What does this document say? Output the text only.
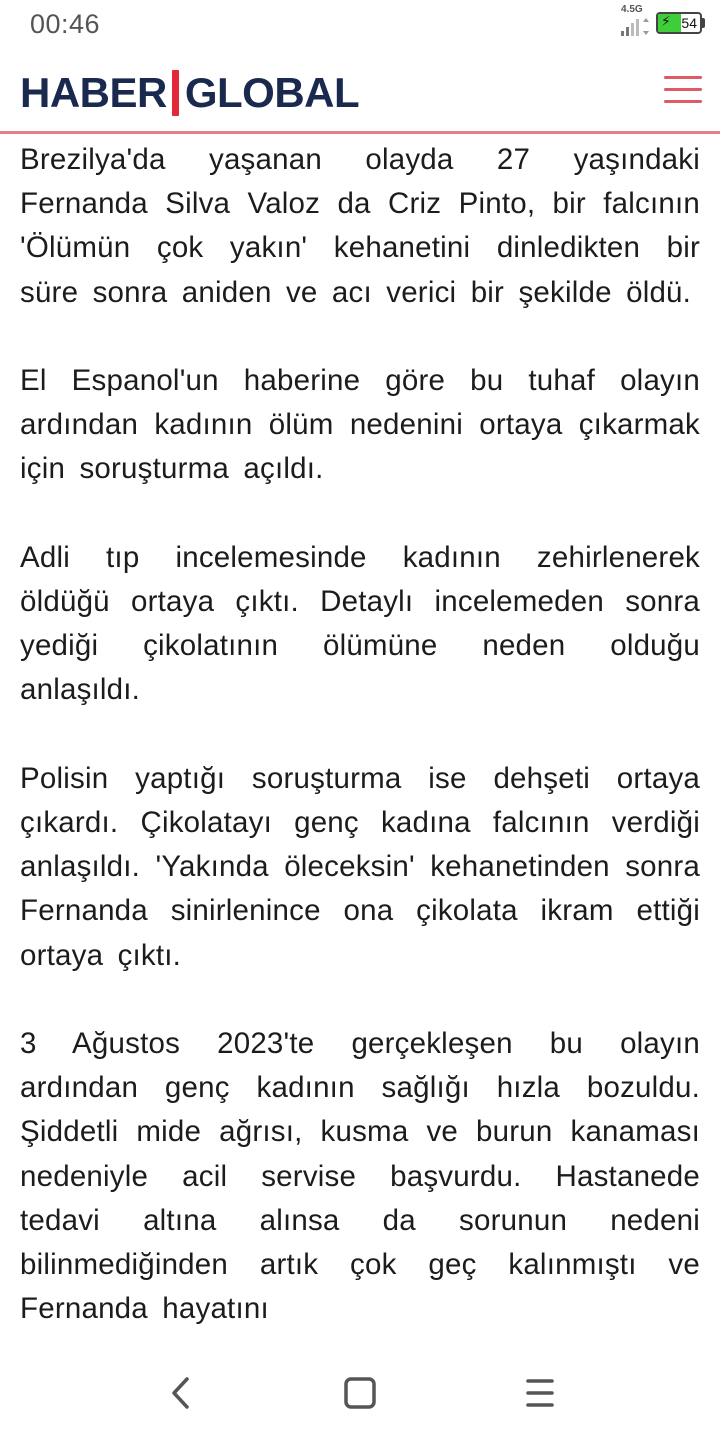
00:46	4.5G
⚡ 54
HABER GLOBAL

Brezilya'da yaşanan olayda 27 yaşındaki Fernanda Silva Valoz da Criz Pinto, bir falcının 'Ölümün çok yakın' kehanetini dinledikten bir süre sonra aniden ve acı verici bir şekilde öldü.

El Espanol'un haberine göre bu tuhaf olayın ardından kadının ölüm nedenini ortaya çıkarmak için soruşturma açıldı.

Adli tıp incelemesinde kadının zehirlenerek öldüğü ortaya çıktı. Detaylı incelemeden sonra yediği çikolatının ölümüne neden olduğu anlaşıldı.

Polisin yaptığı soruşturma ise dehşeti ortaya çıkardı. Çikolatayı genç kadına falcının verdiği anlaşıldı. 'Yakında öleceksin' kehanetinden sonra Fernanda sinirlenince ona çikolata ikram ettiği ortaya çıktı.

3 Ağustos 2023'te gerçekleşen bu olayın ardından genç kadının sağlığı hızla bozuldu. Şiddetli mide ağrısı, kusma ve burun kanaması nedeniyle acil servise başvurdu. Hastanede tedavi altına alınsa da sorunun nedeni bilinmediğinden artık çok geç kalınmıştı ve Fernanda hayatını
